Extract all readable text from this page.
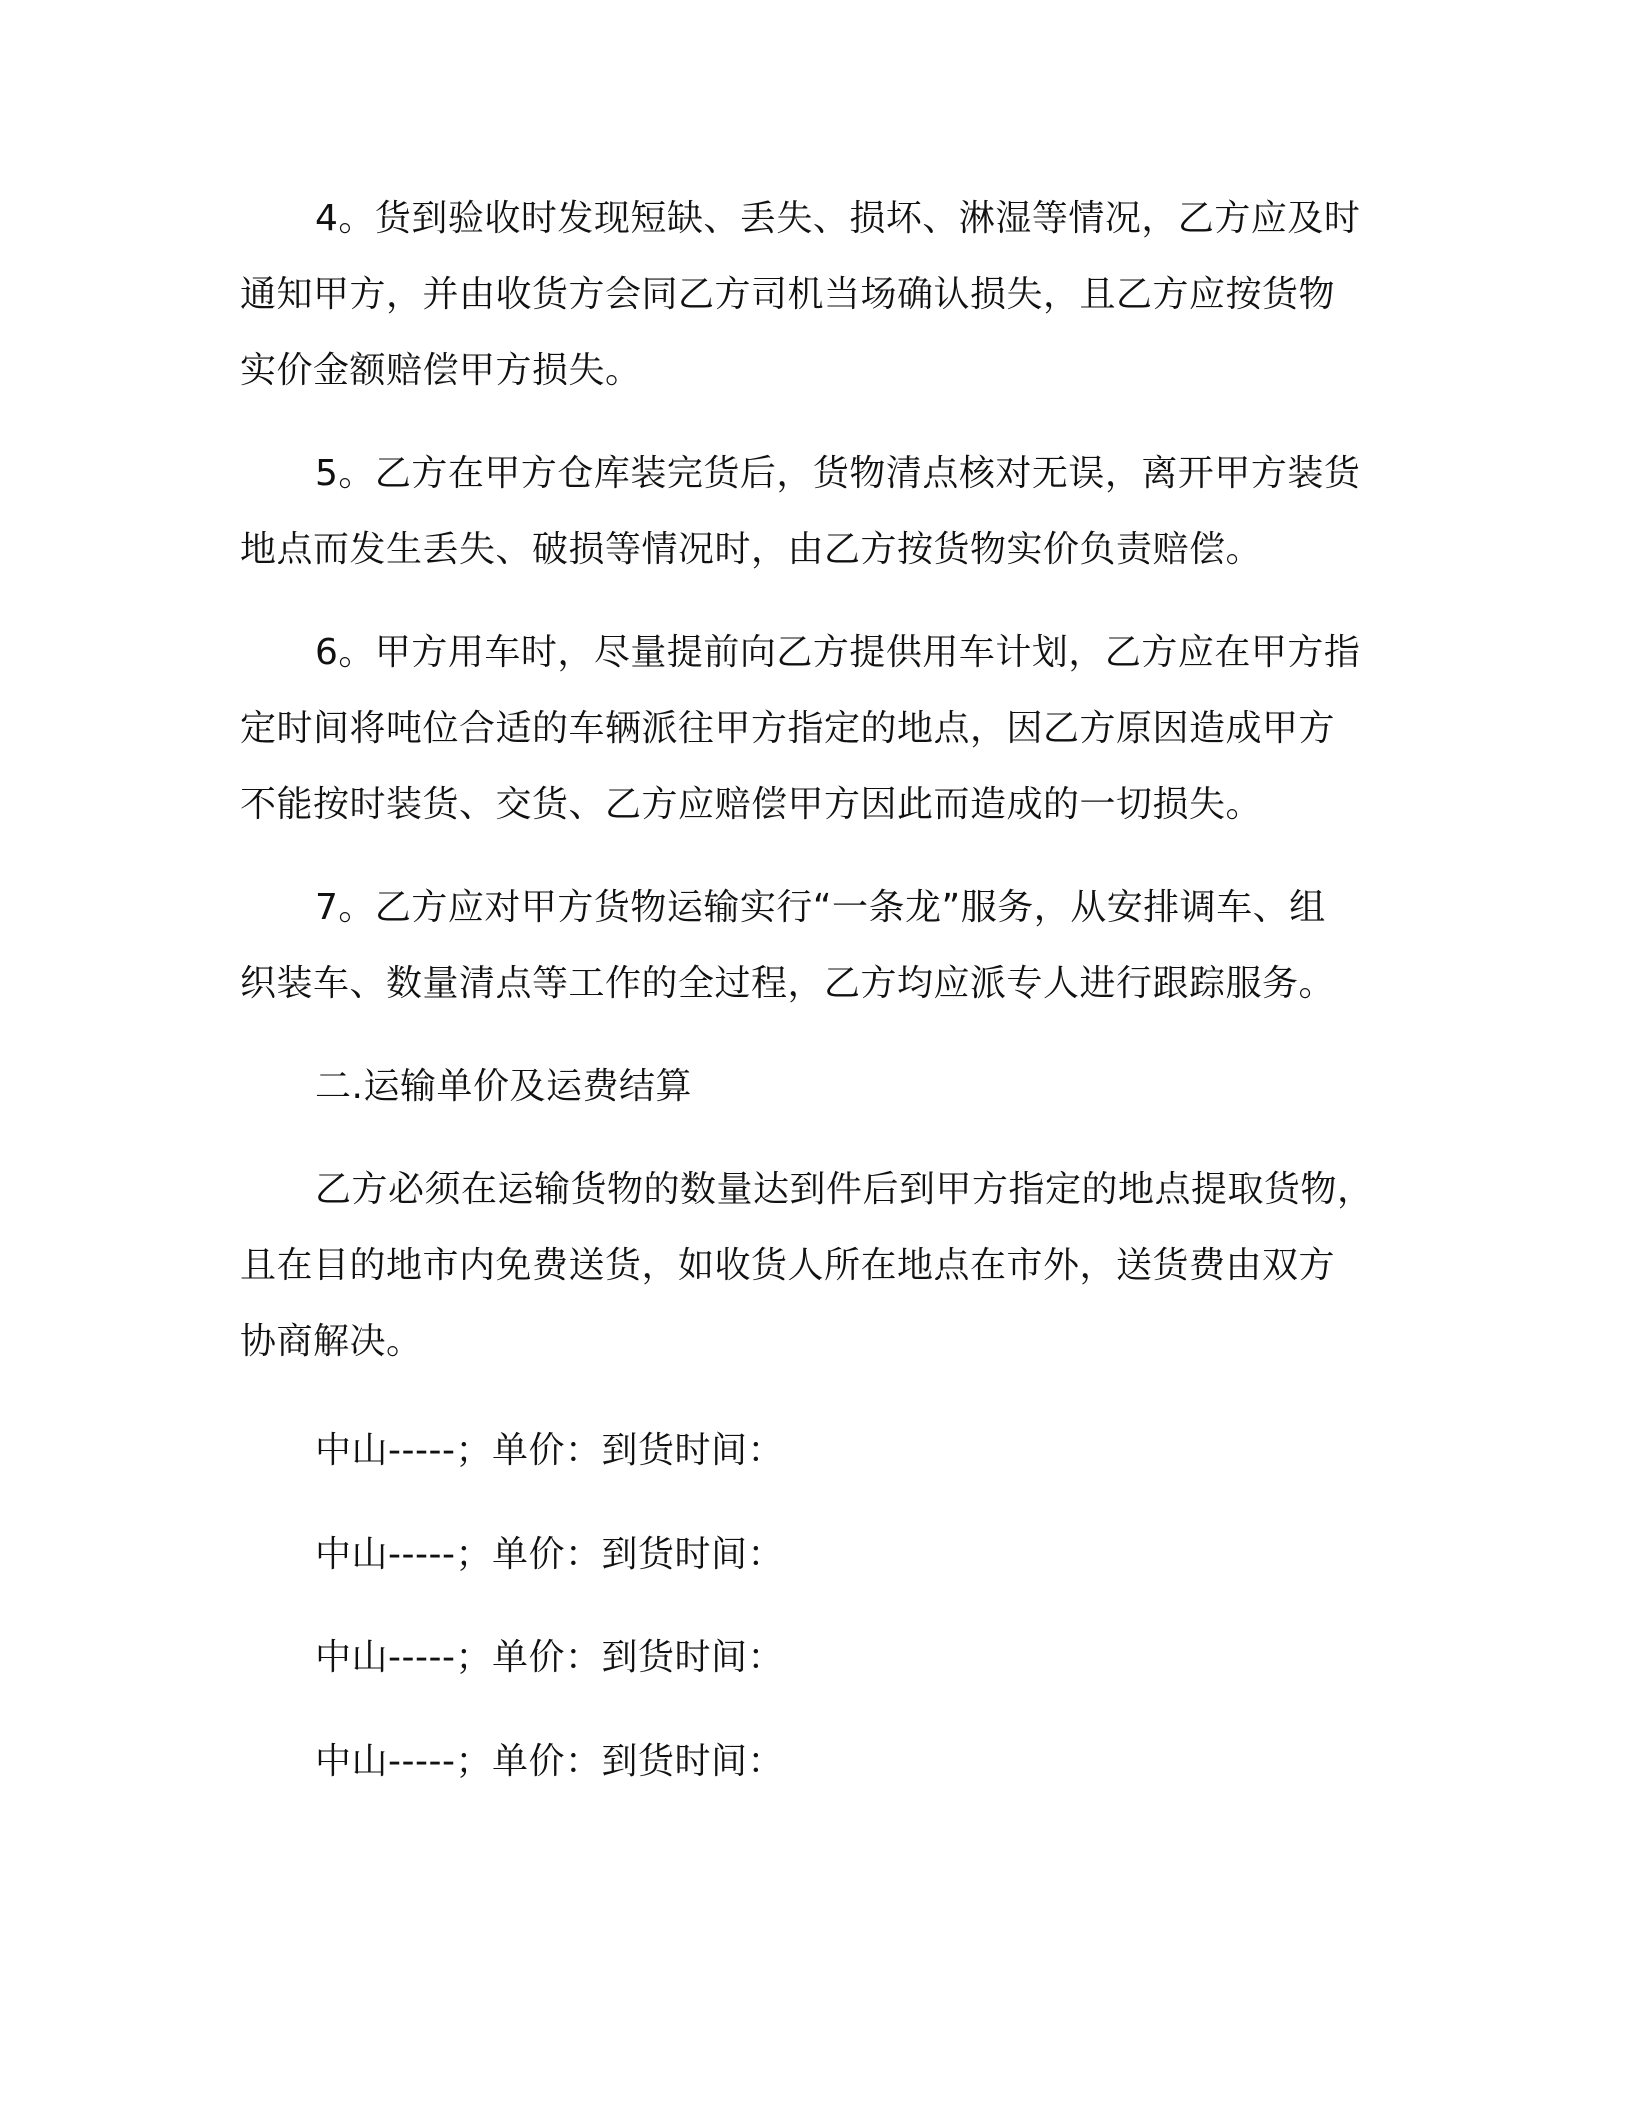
4。货到验收时发现短缺、丢失、损坏、淋湿等情况，乙方应及时
通知甲方，并由收货方会同乙方司机当场确认损失，且乙方应按货物
实价金额赔偿甲方损失。
5。乙方在甲方仓库装完货后，货物清点核对无误，离开甲方装货
地点而发生丢失、破损等情况时，由乙方按货物实价负责赔偿。
6。甲方用车时，尽量提前向乙方提供用车计划，乙方应在甲方指
定时间将吨位合适的车辆派往甲方指定的地点，因乙方原因造成甲方
不能按时装货、交货、乙方应赔偿甲方因此而造成的一切损失。
7。乙方应对甲方货物运输实行“一条龙”服务，从安排调车、组
织装车、数量清点等工作的全过程，乙方均应派专人进行跟踪服务。
二.运输单价及运费结算
乙方必须在运输货物的数量达到件后到甲方指定的地点提取货物，
且在目的地市内免费送货，如收货人所在地点在市外，送货费由双方
协商解决。
中山-----；单价：到货时间：
中山-----；单价：到货时间：
中山-----；单价：到货时间：
中山-----；单价：到货时间：
